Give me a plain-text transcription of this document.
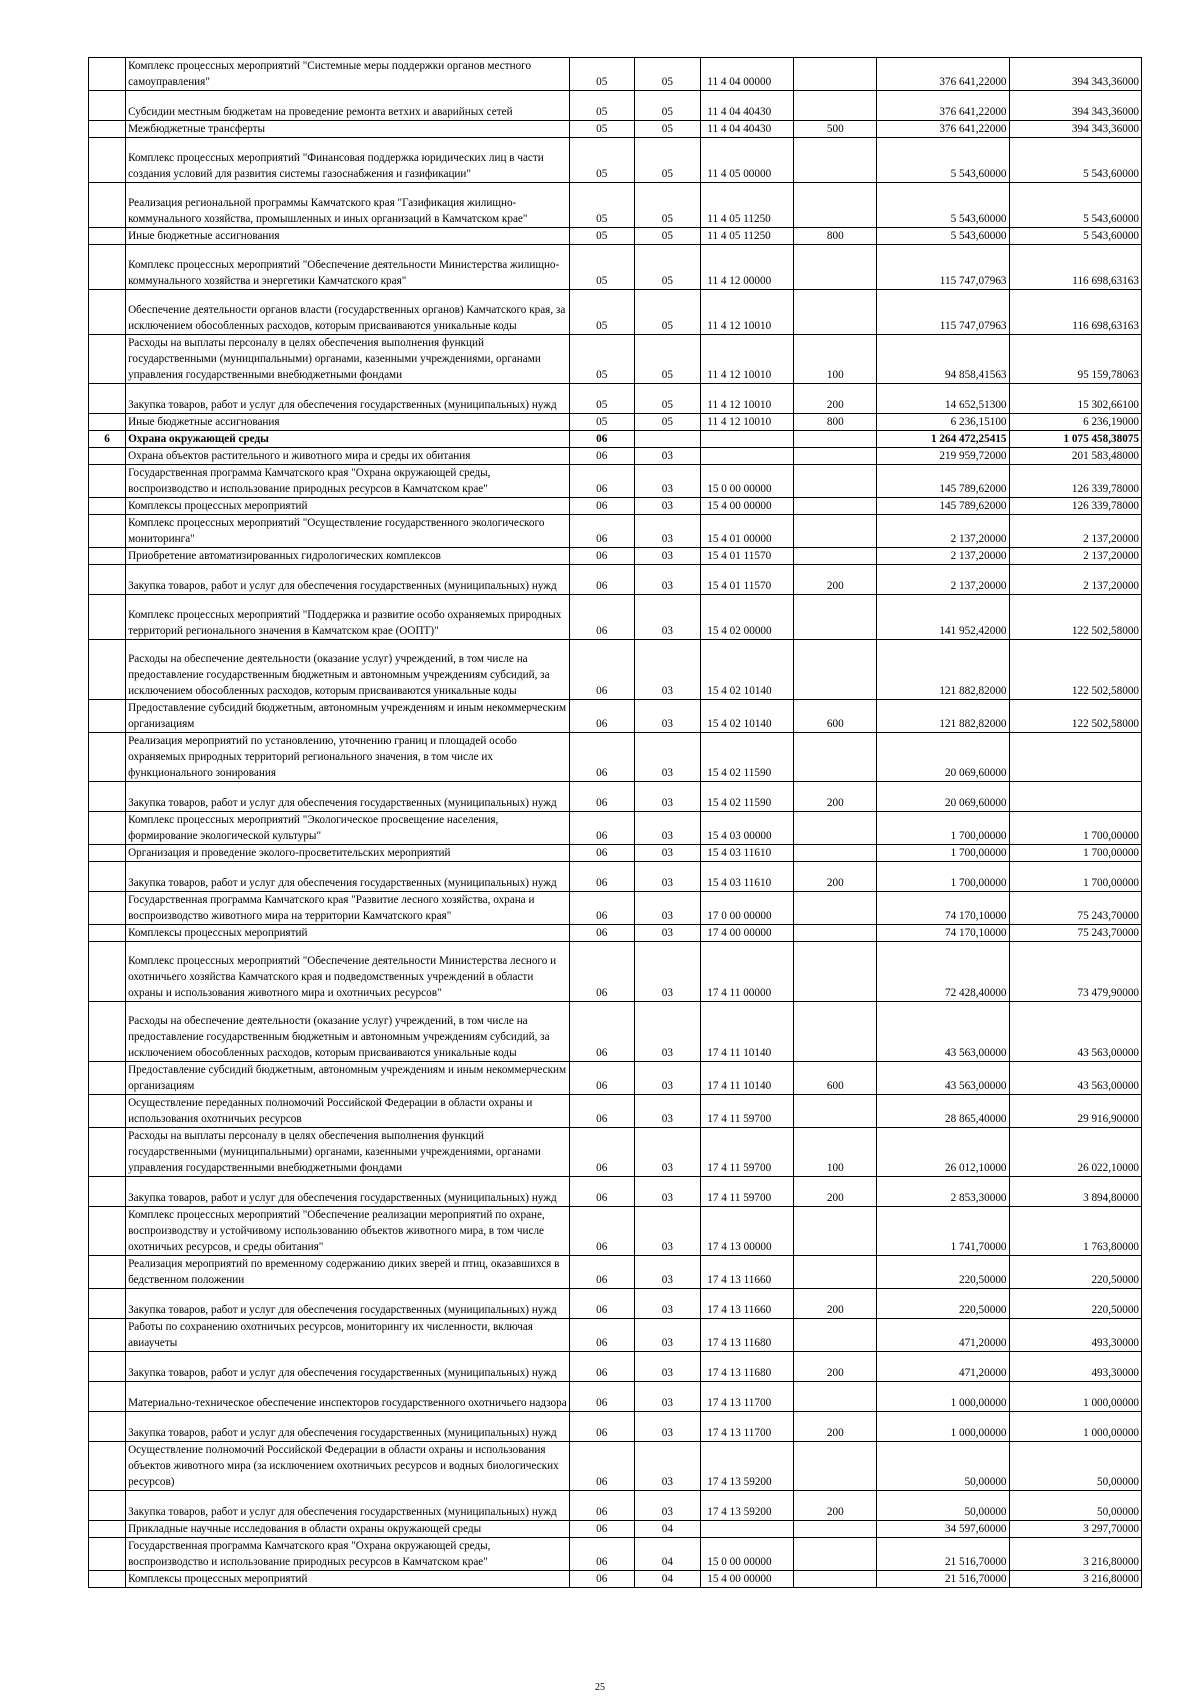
	Комплекс процессных мероприятий "Системные меры поддержки органов местного самоуправления"	05	05	11 4 04 00000		376 641,22000	394 343,36000
	Субсидии местным бюджетам на проведение ремонта ветхих и аварийных сетей	05	05	11 4 04 40430		376 641,22000	394 343,36000
	Межбюджетные трансферты	05	05	11 4 04 40430	500	376 641,22000	394 343,36000
	Комплекс процессных мероприятий "Финансовая поддержка юридических лиц в части создания условий для развития системы газоснабжения и газификации"	05	05	11 4 05 00000		5 543,60000	5 543,60000
	Реализация региональной программы Камчатского края "Газификация жилищно-коммунального хозяйства, промышленных и иных организаций в Камчатском крае"	05	05	11 4 05 11250		5 543,60000	5 543,60000
	Иные бюджетные ассигнования	05	05	11 4 05 11250	800	5 543,60000	5 543,60000
	Комплекс процессных мероприятий "Обеспечение деятельности Министерства жилищно-коммунального хозяйства и энергетики Камчатского края"	05	05	11 4 12 00000		115 747,07963	116 698,63163
	Обеспечение деятельности органов власти (государственных органов) Камчатского края, за исключением обособленных расходов, которым присваиваются уникальные коды	05	05	11 4 12 10010		115 747,07963	116 698,63163
	Расходы на выплаты персоналу в целях обеспечения выполнения функций государственными (муниципальными) органами, казенными учреждениями, органами управления государственными внебюджетными фондами	05	05	11 4 12 10010	100	94 858,41563	95 159,78063
	Закупка товаров, работ и услуг для обеспечения государственных (муниципальных) нужд	05	05	11 4 12 10010	200	14 652,51300	15 302,66100
	Иные бюджетные ассигнования	05	05	11 4 12 10010	800	6 236,15100	6 236,19000
6	Охрана окружающей среды	06				1 264 472,25415	1 075 458,38075
	Охрана объектов растительного и животного мира и среды их обитания	06	03			219 959,72000	201 583,48000
	Государственная программа Камчатского края "Охрана окружающей среды, воспроизводство и использование природных ресурсов в Камчатском крае"	06	03	15 0 00 00000		145 789,62000	126 339,78000
	Комплексы процессных мероприятий	06	03	15 4 00 00000		145 789,62000	126 339,78000
	Комплекс процессных мероприятий "Осуществление государственного экологического мониторинга"	06	03	15 4 01 00000		2 137,20000	2 137,20000
	Приобретение автоматизированных гидрологических комплексов	06	03	15 4 01 11570		2 137,20000	2 137,20000
	Закупка товаров, работ и услуг для обеспечения государственных (муниципальных) нужд	06	03	15 4 01 11570	200	2 137,20000	2 137,20000
	Комплекс процессных мероприятий "Поддержка и развитие особо охраняемых природных территорий регионального значения в Камчатском крае (ООПТ)"	06	03	15 4 02 00000		141 952,42000	122 502,58000
	Расходы на обеспечение деятельности (оказание услуг) учреждений, в том числе на предоставление государственным бюджетным и автономным учреждениям субсидий, за исключением обособленных расходов, которым присваиваются уникальные коды	06	03	15 4 02 10140		121 882,82000	122 502,58000
	Предоставление субсидий бюджетным, автономным учреждениям и иным некоммерческим организациям	06	03	15 4 02 10140	600	121 882,82000	122 502,58000
	Реализация мероприятий по установлению, уточнению границ и площадей особо охраняемых природных территорий регионального значения, в том числе их функционального зонирования	06	03	15 4 02 11590		20 069,60000	
	Закупка товаров, работ и услуг для обеспечения государственных (муниципальных) нужд	06	03	15 4 02 11590	200	20 069,60000	
	Комплекс процессных мероприятий "Экологическое просвещение населения, формирование экологической культуры"	06	03	15 4 03 00000		1 700,00000	1 700,00000
	Организация и проведение эколого-просветительских мероприятий	06	03	15 4 03 11610		1 700,00000	1 700,00000
	Закупка товаров, работ и услуг для обеспечения государственных (муниципальных) нужд	06	03	15 4 03 11610	200	1 700,00000	1 700,00000
	Государственная программа Камчатского края "Развитие лесного хозяйства, охрана и воспроизводство животного мира на территории Камчатского края"	06	03	17 0 00 00000		74 170,10000	75 243,70000
	Комплексы процессных мероприятий	06	03	17 4 00 00000		74 170,10000	75 243,70000
	Комплекс процессных мероприятий "Обеспечение деятельности Министерства лесного и охотничьего хозяйства Камчатского края и подведомственных учреждений в области охраны и использования животного мира и охотничьих ресурсов"	06	03	17 4 11 00000		72 428,40000	73 479,90000
	Расходы на обеспечение деятельности (оказание услуг) учреждений, в том числе на предоставление государственным бюджетным и автономным учреждениям субсидий, за исключением обособленных расходов, которым присваиваются уникальные коды	06	03	17 4 11 10140		43 563,00000	43 563,00000
	Предоставление субсидий бюджетным, автономным учреждениям и иным некоммерческим организациям	06	03	17 4 11 10140	600	43 563,00000	43 563,00000
	Осуществление переданных полномочий Российской Федерации в области охраны и использования охотничьих ресурсов	06	03	17 4 11 59700		28 865,40000	29 916,90000
	Расходы на выплаты персоналу в целях обеспечения выполнения функций государственными (муниципальными) органами, казенными учреждениями, органами управления государственными внебюджетными фондами	06	03	17 4 11 59700	100	26 012,10000	26 022,10000
	Закупка товаров, работ и услуг для обеспечения государственных (муниципальных) нужд	06	03	17 4 11 59700	200	2 853,30000	3 894,80000
	Комплекс процессных мероприятий "Обеспечение реализации мероприятий по охране, воспроизводству и устойчивому использованию объектов животного мира, в том числе охотничьих ресурсов, и среды обитания"	06	03	17 4 13 00000		1 741,70000	1 763,80000
	Реализация мероприятий по временному содержанию диких зверей и птиц, оказавшихся в бедственном положении	06	03	17 4 13 11660		220,50000	220,50000
	Закупка товаров, работ и услуг для обеспечения государственных (муниципальных) нужд	06	03	17 4 13 11660	200	220,50000	220,50000
	Работы по сохранению охотничьих ресурсов, мониторингу их численности, включая авиаучеты	06	03	17 4 13 11680		471,20000	493,30000
	Закупка товаров, работ и услуг для обеспечения государственных (муниципальных) нужд	06	03	17 4 13 11680	200	471,20000	493,30000
	Материально-техническое обеспечение инспекторов государственного охотничьего надзора	06	03	17 4 13 11700		1 000,00000	1 000,00000
	Закупка товаров, работ и услуг для обеспечения государственных (муниципальных) нужд	06	03	17 4 13 11700	200	1 000,00000	1 000,00000
	Осуществление полномочий Российской Федерации в области охраны и использования объектов животного мира (за исключением охотничьих ресурсов и водных биологических ресурсов)	06	03	17 4 13 59200		50,00000	50,00000
	Закупка товаров, работ и услуг для обеспечения государственных (муниципальных) нужд	06	03	17 4 13 59200	200	50,00000	50,00000
	Прикладные научные исследования в области охраны окружающей среды	06	04			34 597,60000	3 297,70000
	Государственная программа Камчатского края "Охрана окружающей среды, воспроизводство и использование природных ресурсов в Камчатском крае"	06	04	15 0 00 00000		21 516,70000	3 216,80000
	Комплексы процессных мероприятий	06	04	15 4 00 00000		21 516,70000	3 216,80000
25
